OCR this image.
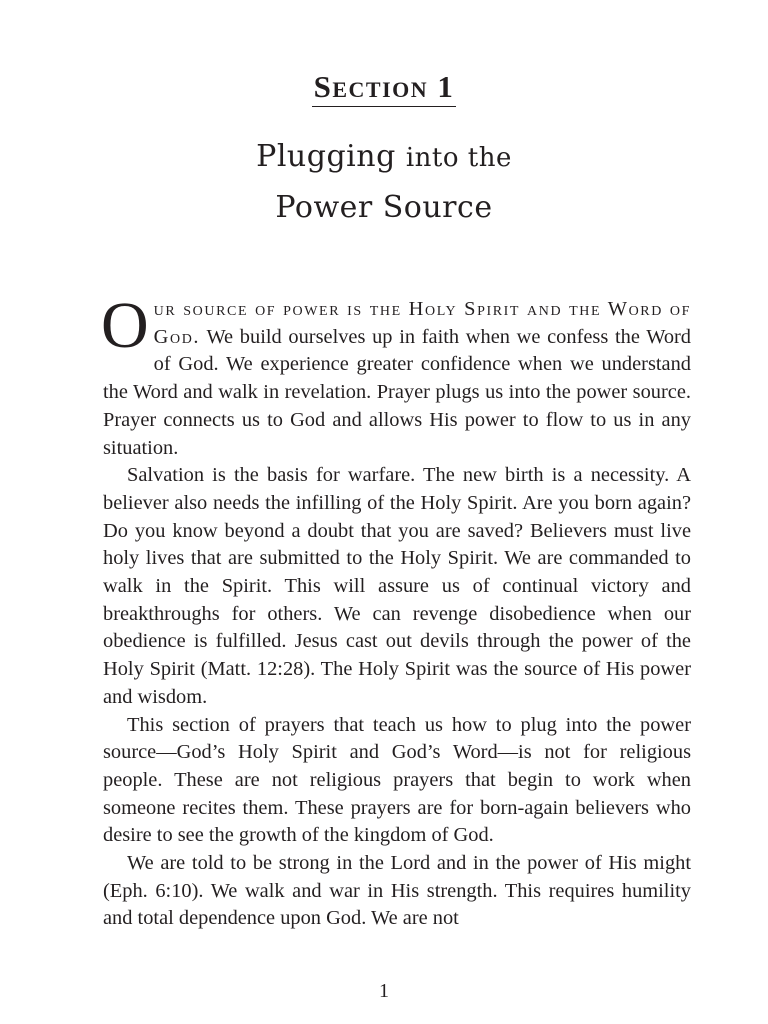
Section 1
Plugging into the
Power Source

Our source of power is the Holy Spirit and the Word of God. We build ourselves up in faith when we confess the Word of God. We experience greater confidence when we understand the Word and walk in revelation. Prayer plugs us into the power source. Prayer connects us to God and allows His power to flow to us in any situation.

Salvation is the basis for warfare. The new birth is a necessity. A believer also needs the infilling of the Holy Spirit. Are you born again? Do you know beyond a doubt that you are saved? Believers must live holy lives that are submitted to the Holy Spirit. We are commanded to walk in the Spirit. This will assure us of continual victory and breakthroughs for others. We can revenge disobedience when our obedience is fulfilled. Jesus cast out devils through the power of the Holy Spirit (Matt. 12:28). The Holy Spirit was the source of His power and wisdom.

This section of prayers that teach us how to plug into the power source—God’s Holy Spirit and God’s Word—is not for religious people. These are not religious prayers that begin to work when someone recites them. These prayers are for born-again believers who desire to see the growth of the kingdom of God.

We are told to be strong in the Lord and in the power of His might (Eph. 6:10). We walk and war in His strength. This requires humility and total dependence upon God. We are not

1
